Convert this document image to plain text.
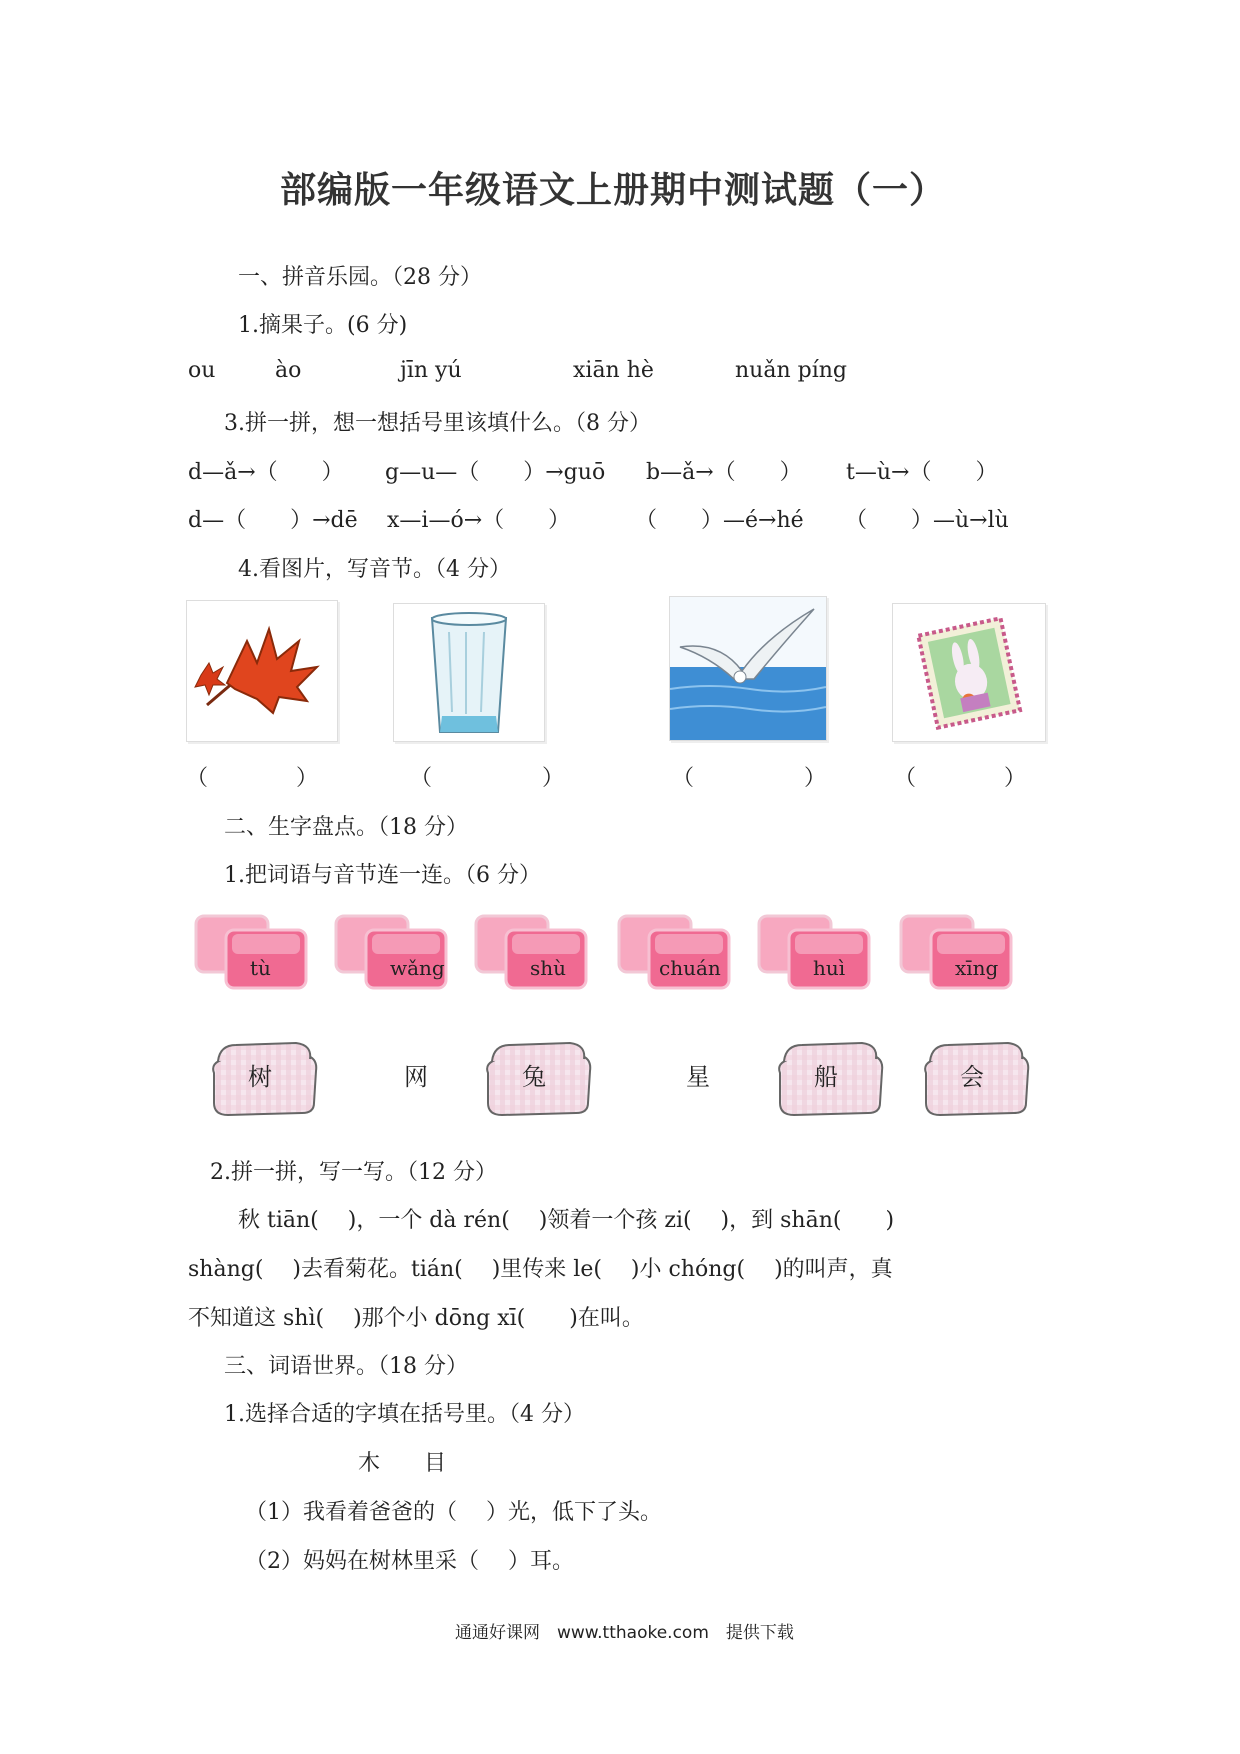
部编版一年级语文上册期中测试题（一）
一、拼音乐园。（28 分）
1.摘果子。(6 分)
ou	ào	jīn yú	xiān hè	nuǎn píng
3.拼一拼，想一想括号里该填什么。（8 分）
d—ǎ→（　　） g—u—（　　）→guō b—ǎ→（　　） t—ù→（　　）
d—（　　）→dē x—i—ó→（　　）	（　　）—é→hé （　　）—ù→lù
4.看图片，写音节。（4 分）
（　　　　）	（　　　　　）	（　　　　　）	（　　　　）
二、生字盘点。（18 分）
1.把词语与音节连一连。（6 分）
tù	wǎng	shù	chuán	huì	xīng
树	网	兔	星	船	会
2.拼一拼，写一写。（12 分）
秋 tiān(　 )，一个 dà rén(　 )领着一个孩 zi(　 )，到 shān(　　)
shàng(　 )去看菊花。tián(　 )里传来 le(　 )小 chóng(　 )的叫声，真
不知道这 shì(　 )那个小 dōng xī(　　)在叫。
三、词语世界。（18 分）
1.选择合适的字填在括号里。（4 分）
木　　目
（1）我看着爸爸的（　 ）光，低下了头。
（2）妈妈在树林里采（　 ）耳。
通通好课网　www.tthaoke.com　提供下载
